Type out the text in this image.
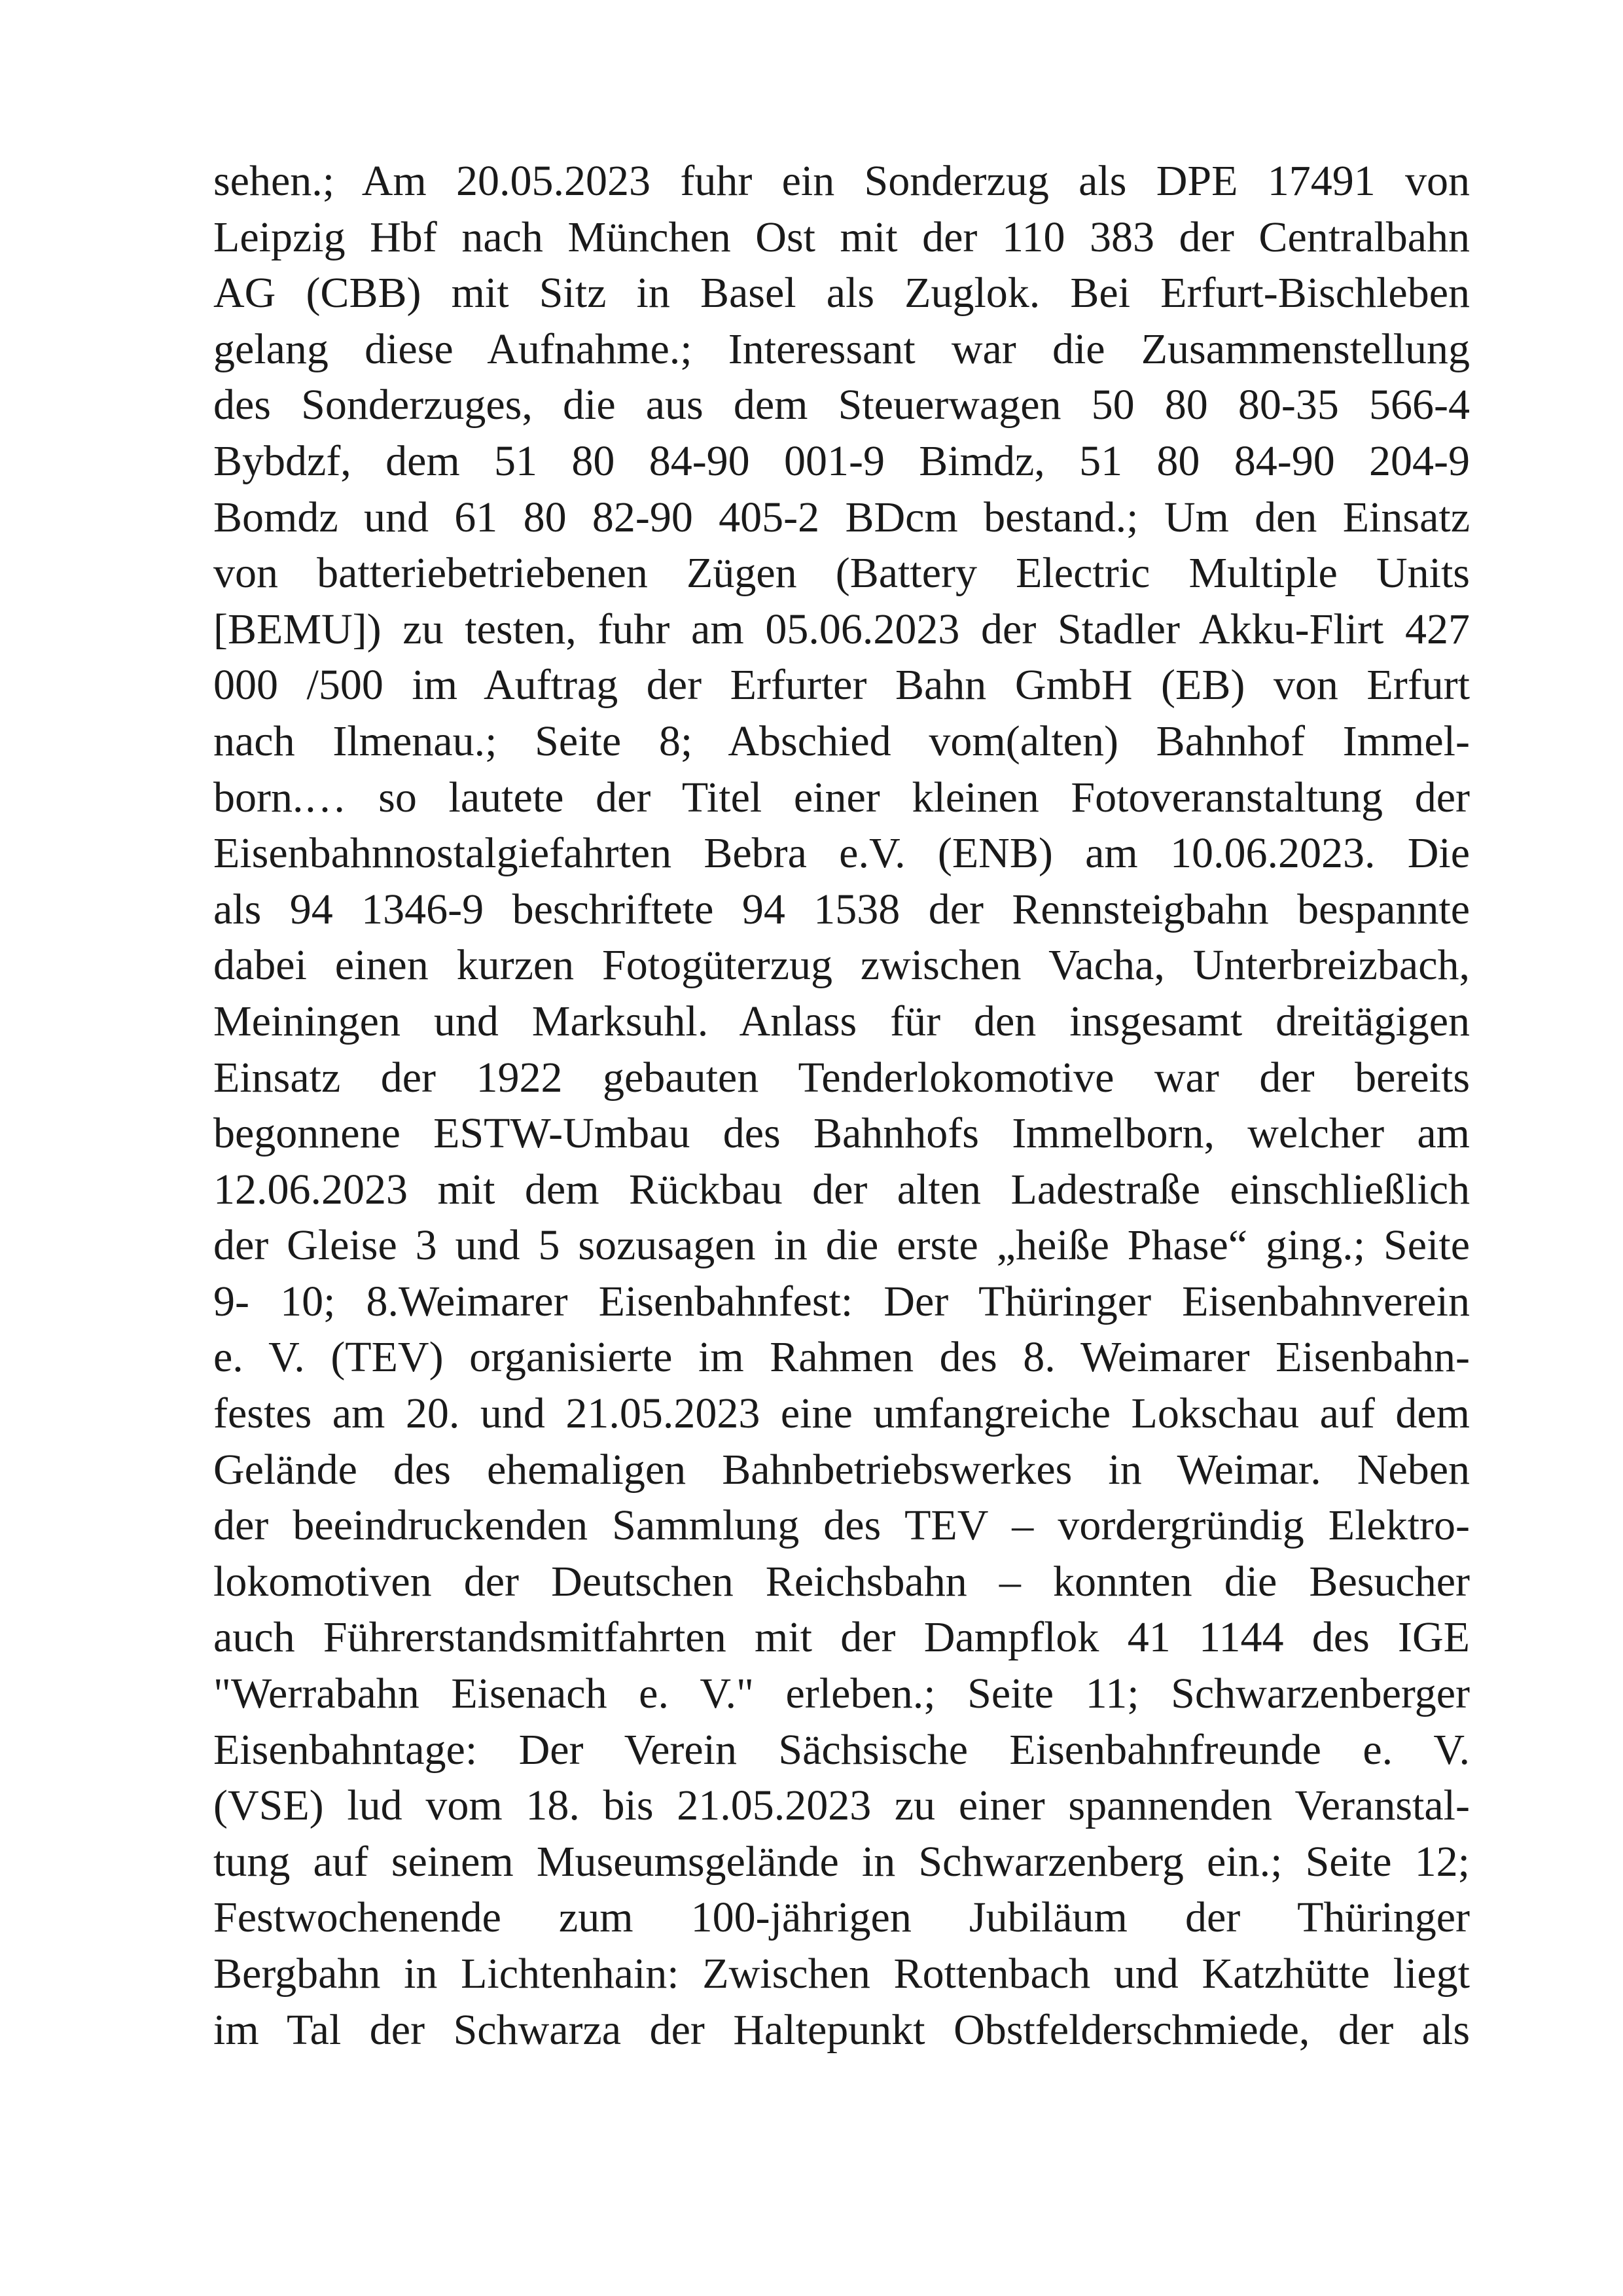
sehen.; Am 20.05.2023 fuhr ein Sonderzug als DPE 17491 von
Leipzig Hbf nach München Ost mit der 110 383 der Centralbahn
AG (CBB) mit Sitz in Basel als Zuglok. Bei Erfurt-Bischleben
gelang diese Aufnahme.; Interessant war die Zusammenstellung
des Sonderzuges, die aus dem Steuerwagen 50 80 80-35 566-4
Bybdzf, dem 51 80 84-90 001-9 Bimdz, 51 80 84-90 204-9
Bomdz und 61 80 82-90 405-2 BDcm bestand.; Um den Einsatz
von batteriebetriebenen Zügen (Battery Electric Multiple Units
[BEMU]) zu testen, fuhr am 05.06.2023 der Stadler Akku-Flirt 427
000 /500 im Auftrag der Erfurter Bahn GmbH (EB) von Erfurt
nach Ilmenau.; Seite 8; Abschied vom(alten) Bahnhof Immel-
born.… so lautete der Titel einer kleinen Fotoveranstaltung der
Eisenbahnnostalgiefahrten Bebra e.V. (ENB) am 10.06.2023. Die
als 94 1346-9 beschriftete 94 1538 der Rennsteigbahn bespannte
dabei einen kurzen Fotogüterzug zwischen Vacha, Unterbreizbach,
Meiningen und Marksuhl. Anlass für den insgesamt dreitägigen
Einsatz der 1922 gebauten Tenderlokomotive war der bereits
begonnene ESTW-Umbau des Bahnhofs Immelborn, welcher am
12.06.2023 mit dem Rückbau der alten Ladestraße einschließlich
der Gleise 3 und 5 sozusagen in die erste „heiße Phase“ ging.; Seite
9- 10; 8.Weimarer Eisenbahnfest: Der Thüringer Eisenbahnverein
e. V. (TEV) organisierte im Rahmen des 8. Weimarer Eisenbahn-
festes am 20. und 21.05.2023 eine umfangreiche Lokschau auf dem
Gelände des ehemaligen Bahnbetriebswerkes in Weimar. Neben
der beeindruckenden Sammlung des TEV – vordergründig Elektro-
lokomotiven der Deutschen Reichsbahn – konnten die Besucher
auch Führerstandsmitfahrten mit der Dampflok 41 1144 des IGE
"Werrabahn Eisenach e. V." erleben.; Seite 11; Schwarzenberger
Eisenbahntage: Der Verein Sächsische Eisenbahnfreunde e. V.
(VSE) lud vom 18. bis 21.05.2023 zu einer spannenden Veranstal-
tung auf seinem Museumsgelände in Schwarzenberg ein.; Seite 12;
Festwochenende zum 100-jährigen Jubiläum der Thüringer
Bergbahn in Lichtenhain: Zwischen Rottenbach und Katzhütte liegt
im Tal der Schwarza der Haltepunkt Obstfelderschmiede, der als
